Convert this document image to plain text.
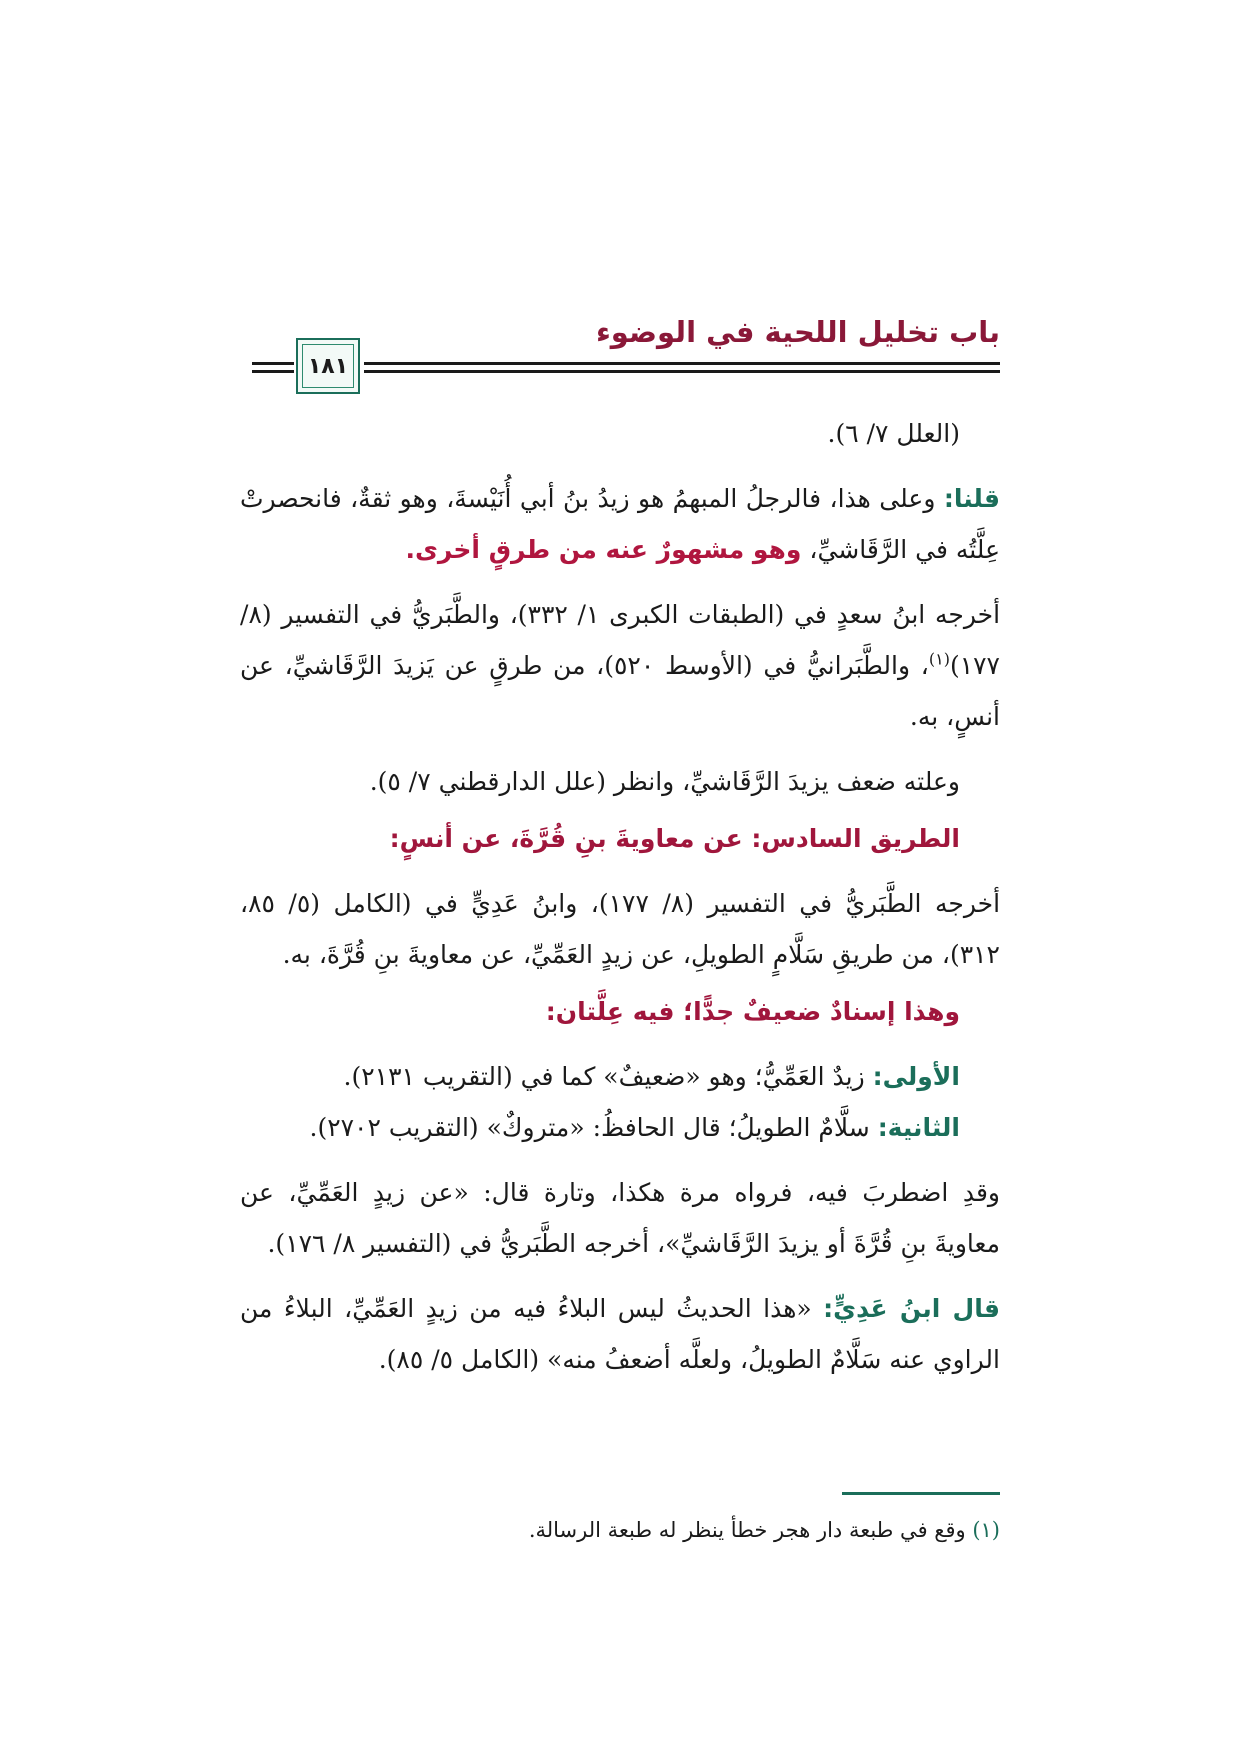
باب تخليل اللحية في الوضوء
١٨١

(العلل ٧/ ٦).

قلنا: وعلى هذا، فالرجلُ المبهمُ هو زيدُ بنُ أبي أُنَيْسةَ، وهو ثقةٌ، فانحصرتْ عِلَّتُه في الرَّقَاشيِّ، وهو مشهورٌ عنه من طرقٍ أخرى.

أخرجه ابنُ سعدٍ في (الطبقات الكبرى ١/ ٣٣٢)، والطَّبَريُّ في التفسير (٨/ ١٧٧)$^{(١)}$، والطَّبَرانيُّ في (الأوسط ٥٢٠)، من طرقٍ عن يَزيدَ الرَّقَاشيِّ، عن أنسٍ، به.

وعلته ضعف يزيدَ الرَّقَاشيِّ، وانظر (علل الدارقطني ٧/ ٥).

الطريق السادس: عن معاويةَ بنِ قُرَّةَ، عن أنسٍ:

أخرجه الطَّبَريُّ في التفسير (٨/ ١٧٧)، وابنُ عَدِيٍّ في (الكامل (٥/ ٨٥، ٣١٢)، من طريقِ سَلَّامٍ الطويلِ، عن زيدٍ العَمِّيِّ، عن معاويةَ بنِ قُرَّةَ، به.

وهذا إسنادٌ ضعيفٌ جدًّا؛ فيه عِلَّتان:

الأولى: زيدٌ العَمِّيُّ؛ وهو «ضعيفٌ» كما في (التقريب ٢١٣١).

الثانية: سلَّامٌ الطويلُ؛ قال الحافظُ: «متروكٌ» (التقريب ٢٧٠٢).

وقدِ اضطربَ فيه، فرواه مرة هكذا، وتارة قال: «عن زيدٍ العَمِّيِّ، عن معاويةَ بنِ قُرَّةَ أو يزيدَ الرَّقَاشيِّ»، أخرجه الطَّبَريُّ في (التفسير ٨/ ١٧٦).

قال ابنُ عَدِيٍّ: «هذا الحديثُ ليس البلاءُ فيه من زيدٍ العَمِّيِّ، البلاءُ من الراوي عنه سَلَّامٌ الطويلُ، ولعلَّه أضعفُ منه» (الكامل ٥/ ٨٥).

(١) وقع في طبعة دار هجر خطأ ينظر له طبعة الرسالة.
